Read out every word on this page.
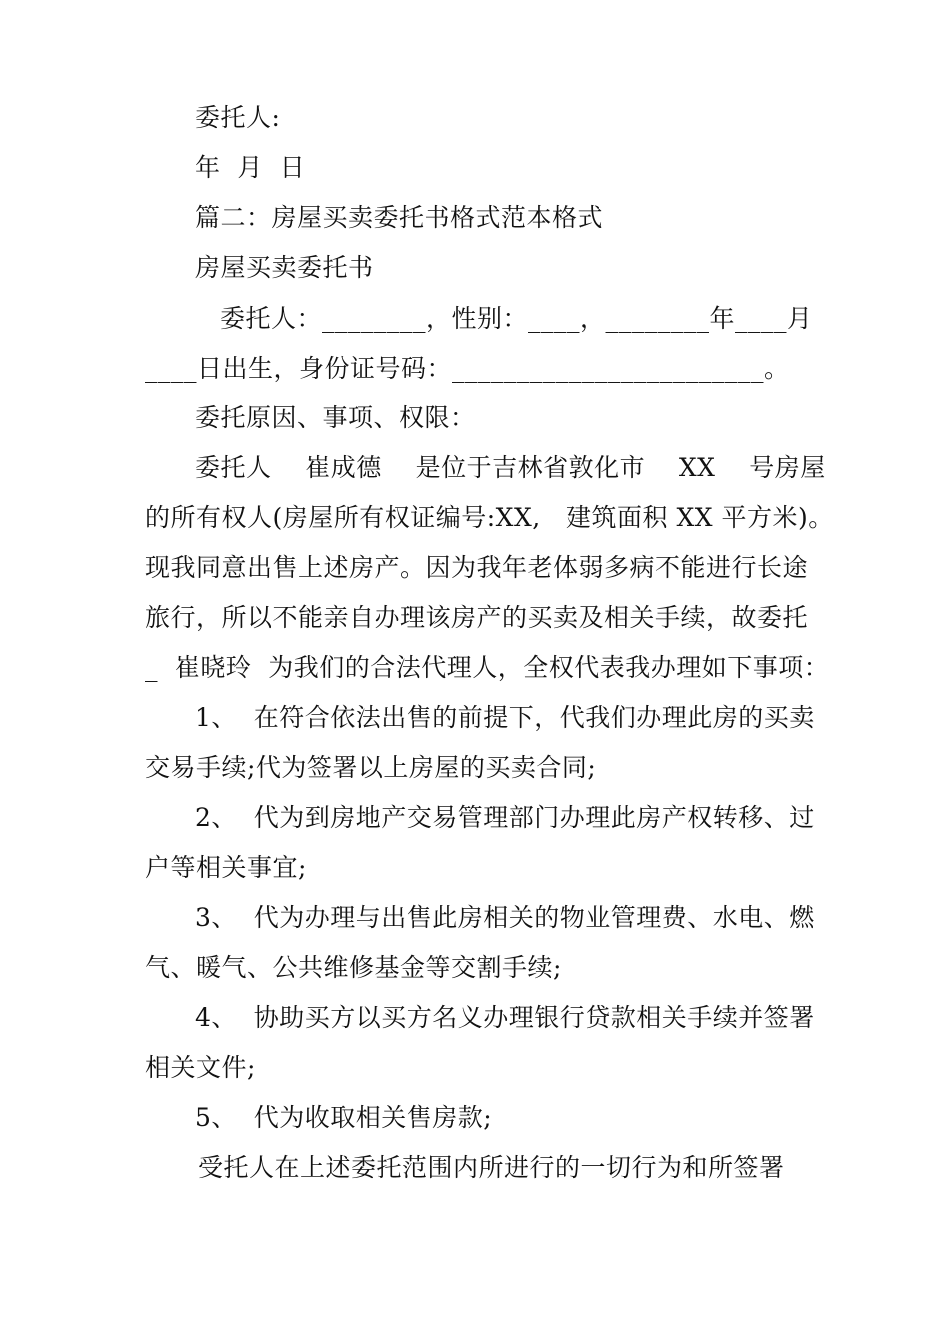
委托人:
年  月  日
篇二：房屋买卖委托书格式范本格式
房屋买卖委托书
委托人：________，性别：____，________年____月
____日出生，身份证号码：________________________。
委托原因、事项、权限：
委托人    崔成德    是位于吉林省敦化市    XX    号房屋
的所有权人(房屋所有权证编号:XX,   建筑面积 XX 平方米)。
现我同意出售上述房产。因为我年老体弱多病不能进行长途
旅行，所以不能亲自办理该房产的买卖及相关手续，故委托
_  崔晓玲  为我们的合法代理人，全权代表我办理如下事项：
1、  在符合依法出售的前提下，代我们办理此房的买卖
交易手续;代为签署以上房屋的买卖合同;
2、  代为到房地产交易管理部门办理此房产权转移、过
户等相关事宜;
3、  代为办理与出售此房相关的物业管理费、水电、燃
气、暖气、公共维修基金等交割手续;
4、  协助买方以买方名义办理银行贷款相关手续并签署
相关文件;
5、  代为收取相关售房款;
受托人在上述委托范围内所进行的一切行为和所签署
